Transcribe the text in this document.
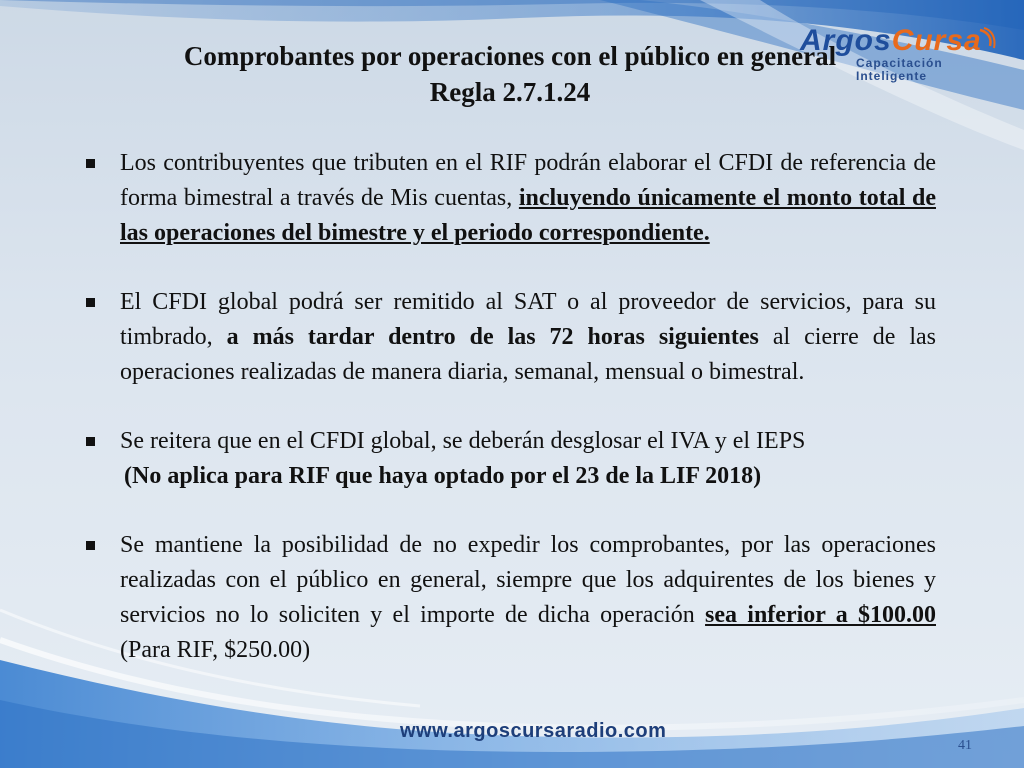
ArgosCursa
Capacitación
Inteligente
Comprobantes por operaciones con el público en general
Regla 2.7.1.24
Los contribuyentes que tributen en el RIF podrán elaborar el CFDI de referencia de forma bimestral a través de Mis cuentas, incluyendo únicamente el monto total de las operaciones del bimestre y el periodo correspondiente.
El CFDI global podrá ser remitido al SAT o al proveedor de servicios, para su timbrado, a más tardar dentro de las 72 horas siguientes al cierre de las operaciones realizadas de manera diaria, semanal, mensual o bimestral.
Se reitera que en el CFDI global, se deberán desglosar el IVA y el IEPS
(No aplica para RIF que haya optado por el 23 de la LIF 2018)
Se mantiene la posibilidad de no expedir los comprobantes, por las operaciones realizadas con el público en general, siempre que los adquirentes de los bienes y servicios no lo soliciten y el importe de dicha operación sea inferior a $100.00 (Para RIF, $250.00)
www.argoscursaradio.com
41
